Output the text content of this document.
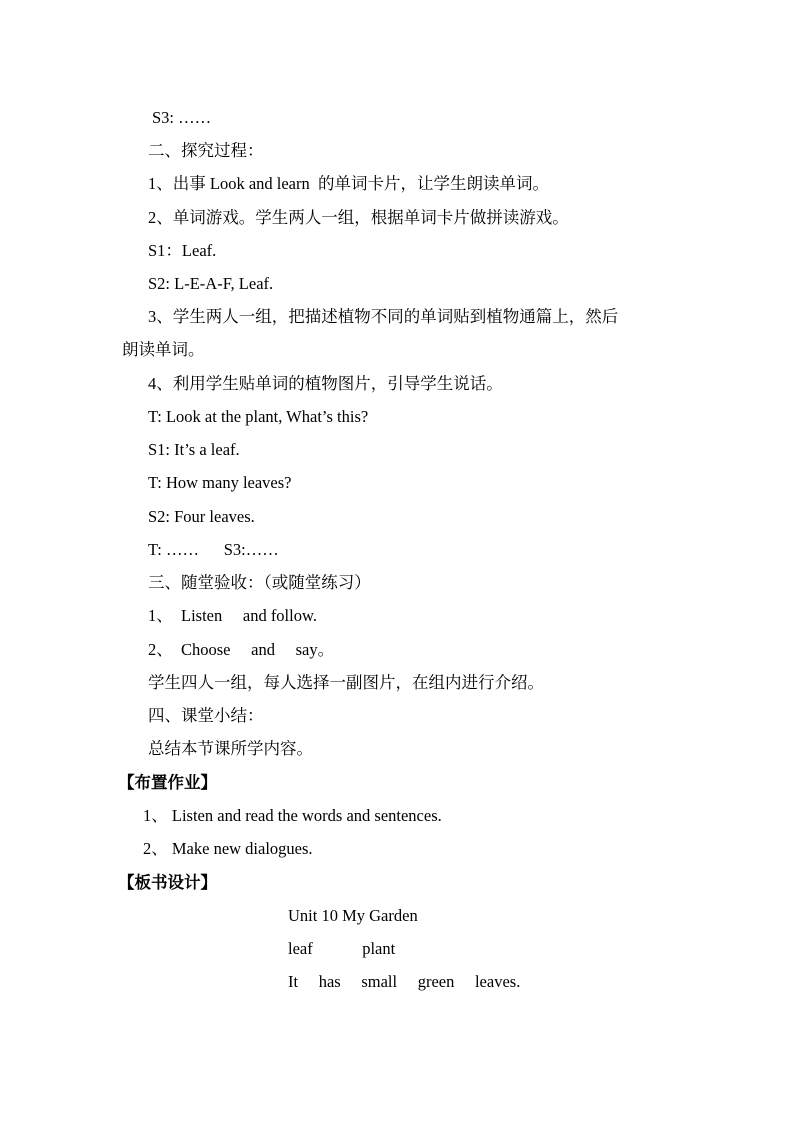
S3: ……
二、探究过程：
1、出事 Look and learn  的单词卡片，让学生朗读单词。
2、单词游戏。学生两人一组，根据单词卡片做拼读游戏。
S1：Leaf.
S2: L-E-A-F, Leaf.
3、学生两人一组，把描述植物不同的单词贴到植物通篇上，然后
朗读单词。
4、利用学生贴单词的植物图片，引导学生说话。
T: Look at the plant, What’s this?
S1: It’s a leaf.
T: How many leaves?
S2: Four leaves.
T: ……      S3:……
三、随堂验收：（或随堂练习）
1、  Listen     and follow.
2、  Choose     and     say。
学生四人一组，每人选择一副图片，在组内进行介绍。
四、课堂小结：
总结本节课所学内容。
【布置作业】
1、 Listen and read the words and sentences.
2、 Make new dialogues.
【板书设计】
Unit 10 My Garden
leaf            plant
It     has     small     green     leaves.
